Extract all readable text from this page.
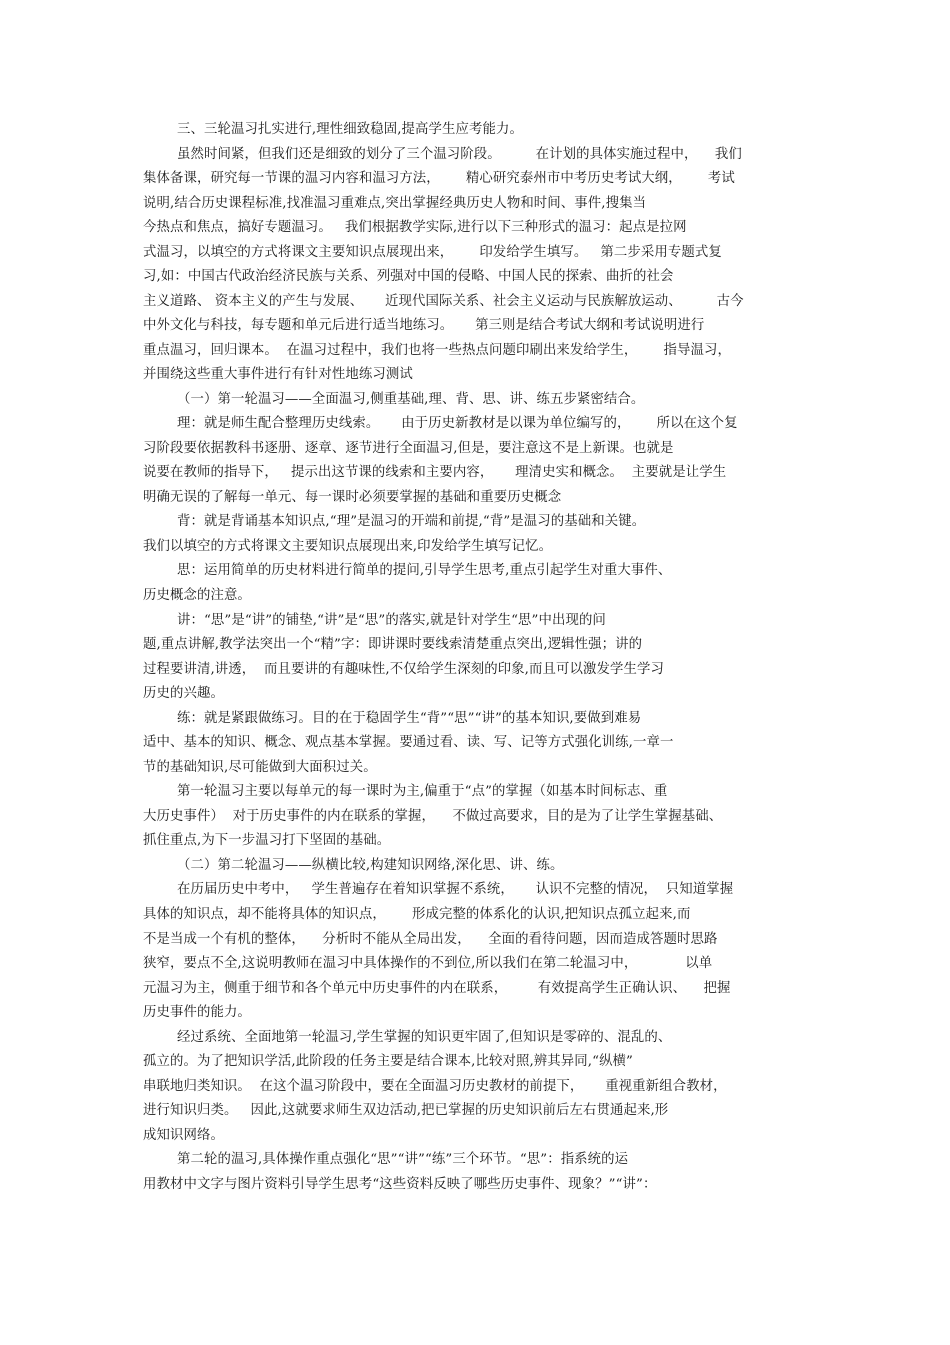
三、三轮温习扎实进行,理性细致稳固,提高学生应考能力。
虽然时间紧，但我们还是细致的划分了三个温习阶段。        在计划的具体实施过程中，    我们
集体备课，研究每一节课的温习内容和温习方法，      精心研究泰州市中考历史考试大纲，      考试
说明,结合历史课程标准,找准温习重难点,突出掌握经典历史人物和时间、事件,搜集当
今热点和焦点，搞好专题温习。   我们根据教学实际,进行以下三种形式的温习：起点是拉网
式温习，以填空的方式将课文主要知识点展现出来，      印发给学生填写。   第二步采用专题式复
习,如：中国古代政治经济民族与关系、列强对中国的侵略、中国人民的探索、曲折的社会
主义道路、 资本主义的产生与发展、     近现代国际关系、社会主义运动与民族解放运动、        古今
中外文化与科技，每专题和单元后进行适当地练习。     第三则是结合考试大纲和考试说明进行
重点温习，回归课本。  在温习过程中，我们也将一些热点问题印刷出来发给学生，      指导温习，
并围绕这些重大事件进行有针对性地练习测试
（一）第一轮温习——全面温习,侧重基础,理、背、思、讲、练五步紧密结合。
理：就是师生配合整理历史线索。     由于历史新教材是以课为单位编写的，      所以在这个复
习阶段要依据教科书逐册、逐章、逐节进行全面温习,但是，要注意这不是上新课。也就是
说要在教师的指导下，   提示出这节课的线索和主要内容，     理清史实和概念。  主要就是让学生
明确无误的了解每一单元、每一课时必须要掌握的基础和重要历史概念
背：就是背诵基本知识点,“理”是温习的开端和前提,“背”是温习的基础和关键。
我们以填空的方式将课文主要知识点展现出来,印发给学生填写记忆。
思：运用简单的历史材料进行简单的提问,引导学生思考,重点引起学生对重大事件、
历史概念的注意。
讲：“思”是“讲”的铺垫,“讲”是“思”的落实,就是针对学生“思”中出现的问
题,重点讲解,教学法突出一个“精”字：即讲课时要线索清楚重点突出,逻辑性强；讲的
过程要讲清,讲透，  而且要讲的有趣味性,不仅给学生深刻的印象,而且可以激发学生学习
历史的兴趣。
练：就是紧跟做练习。目的在于稳固学生“背”“思”“讲”的基本知识,要做到难易
适中、基本的知识、概念、观点基本掌握。要通过看、读、写、记等方式强化训练,一章一
节的基础知识,尽可能做到大面积过关。
第一轮温习主要以每单元的每一课时为主,偏重于“点”的掌握（如基本时间标志、重
大历史事件）  对于历史事件的内在联系的掌握，    不做过高要求，目的是为了让学生掌握基础、
抓住重点,为下一步温习打下坚固的基础。
（二）第二轮温习——纵横比较,构建知识网络,深化思、讲、练。
在历届历史中考中，   学生普遍存在着知识掌握不系统，     认识不完整的情况，  只知道掌握
具体的知识点，却不能将具体的知识点，      形成完整的体系化的认识,把知识点孤立起来,而
不是当成一个有机的整体，    分析时不能从全局出发，    全面的看待问题，因而造成答题时思路
狭窄，要点不全,这说明教师在温习中具体操作的不到位,所以我们在第二轮温习中，           以单
元温习为主，侧重于细节和各个单元中历史事件的内在联系，       有效提高学生正确认识、    把握
历史事件的能力。
经过系统、全面地第一轮温习,学生掌握的知识更牢固了,但知识是零碎的、混乱的、
孤立的。为了把知识学活,此阶段的任务主要是结合课本,比较对照,辨其异同,“纵横”
串联地归类知识。  在这个温习阶段中，要在全面温习历史教材的前提下，     重视重新组合教材，
进行知识归类。   因此,这就要求师生双边活动,把已掌握的历史知识前后左右贯通起来,形
成知识网络。
第二轮的温习,具体操作重点强化“思”“讲”“练”三个环节。“思”：指系统的运
用教材中文字与图片资料引导学生思考“这些资料反映了哪些历史事件、现象？”“讲”：
